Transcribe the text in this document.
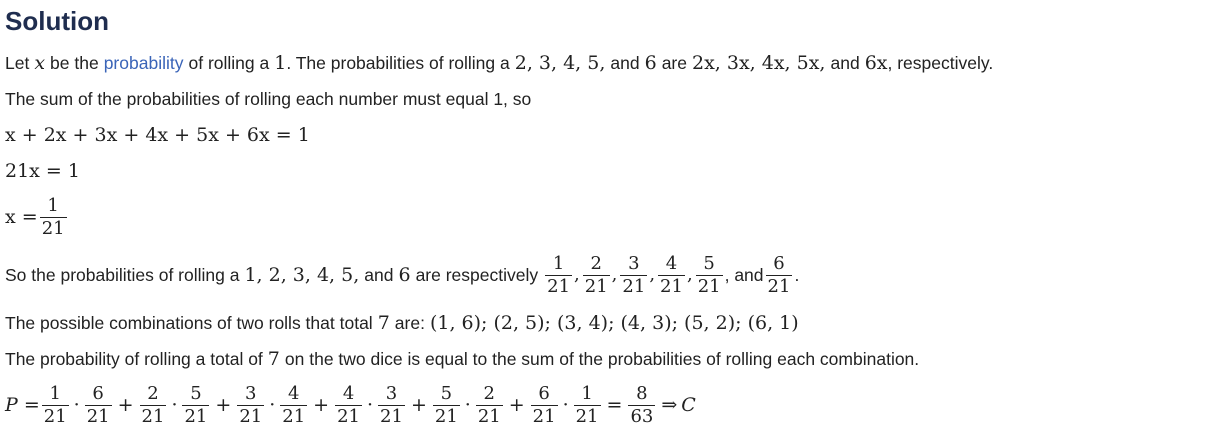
Solution
Let x be the probability of rolling a 1 . The probabilities of rolling a 2, 3, 4, 5, and 6 are 2x, 3x, 4x, 5x, and 6x , respectively.
The sum of the probabilities of rolling each number must equal 1, so
x + 2x + 3x + 4x + 5x + 6x = 1
21x = 1
$x = \frac{1}{21}$
So the probabilities of rolling a 1, 2, 3, 4, 5, and 6 are respectively $\frac{1}{21}$ , $\frac{2}{21}$ , $\frac{3}{21}$ , $\frac{4}{21}$ , $\frac{5}{21}$ , and $\frac{6}{21}$ .
The possible combinations of two rolls that total 7 are: (1, 6); (2, 5); (3, 4); (4, 3); (5, 2); (6, 1)
The probability of rolling a total of 7 on the two dice is equal to the sum of the probabilities of rolling each combination.
$P = \frac{1}{21} \cdot \frac{6}{21} + \frac{2}{21} \cdot \frac{5}{21} + \frac{3}{21} \cdot \frac{4}{21} + \frac{4}{21} \cdot \frac{3}{21} + \frac{5}{21} \cdot \frac{2}{21} + \frac{6}{21} \cdot \frac{1}{21} = \frac{8}{63}$ ⇒ C
